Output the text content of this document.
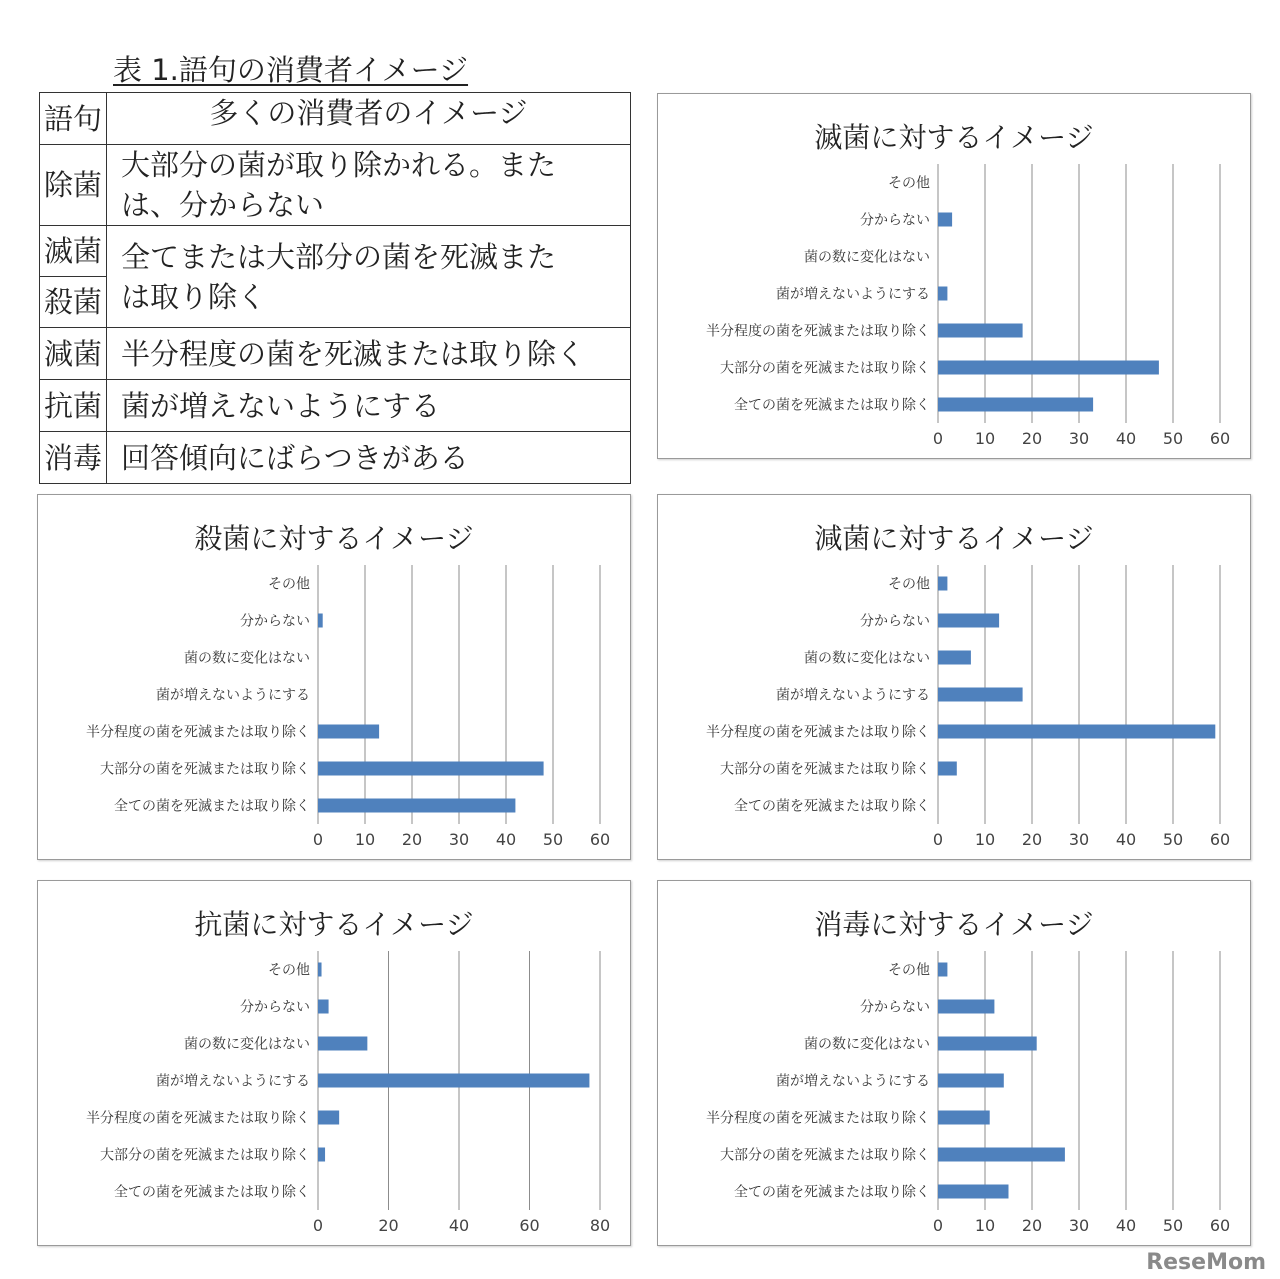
表 1.語句の消費者イメージ
語句	多くの消費者のイメージ
除菌	大部分の菌が取り除かれる。また
は、分からない

滅菌	全てまたは大部分の菌を死滅また
は取り除く

殺菌	
減菌	半分程度の菌を死滅または取り除く
抗菌	菌が増えないようにする
消毒	回答傾向にばらつきがある
滅菌に対するイメージ
0 10 20 30 40 50 60
全ての菌を死滅または取り除く
大部分の菌を死滅または取り除く
半分程度の菌を死滅または取り除く
菌が増えないようにする
菌の数に変化はない
分からない
その他
殺菌に対するイメージ
0 10 20 30 40 50 60
全ての菌を死滅または取り除く
大部分の菌を死滅または取り除く
半分程度の菌を死滅または取り除く
菌が増えないようにする
菌の数に変化はない
分からない
その他
減菌に対するイメージ
0 10 20 30 40 50 60
全ての菌を死滅または取り除く
大部分の菌を死滅または取り除く
半分程度の菌を死滅または取り除く
菌が増えないようにする
菌の数に変化はない
分からない
その他
抗菌に対するイメージ
0	20	40	60	80
全ての菌を死滅または取り除く
大部分の菌を死滅または取り除く
半分程度の菌を死滅または取り除く
菌が増えないようにする
菌の数に変化はない
分からない
その他
消毒に対するイメージ
0 10 20 30 40 50 60
全ての菌を死滅または取り除く
大部分の菌を死滅または取り除く
半分程度の菌を死滅または取り除く
菌が増えないようにする
菌の数に変化はない
分からない
その他
ReseMom
